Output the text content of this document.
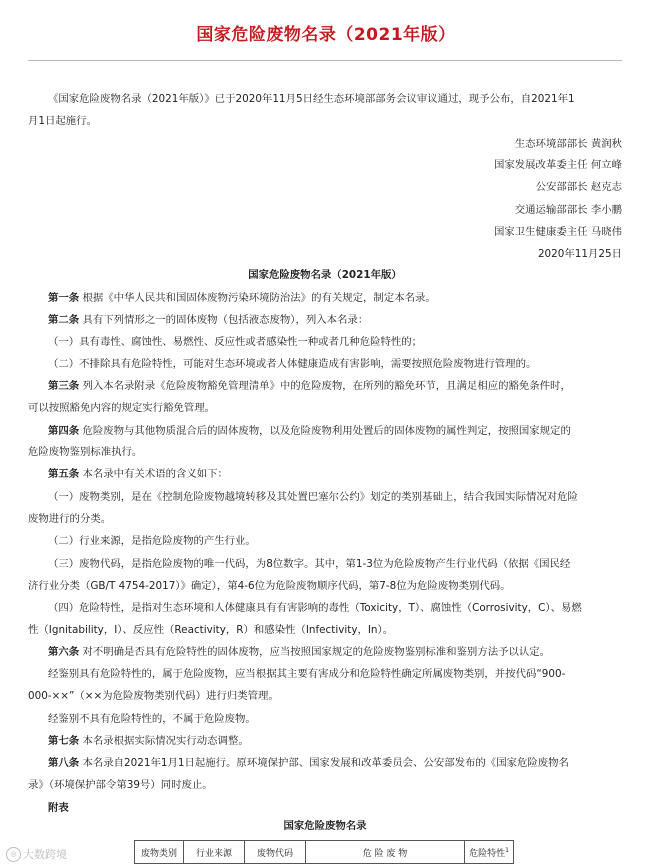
国家危险废物名录（2021年版）
《国家危险废物名录（2021年版）》已于2020年11月5日经生态环境部部务会议审议通过，现予公布，自2021年1
月1日起施行。
生态环境部部长 黄润秋
国家发展改革委主任 何立峰
公安部部长 赵克志
交通运输部部长 李小鹏
国家卫生健康委主任 马晓伟
2020年11月25日
国家危险废物名录（2021年版）
第一条 根据《中华人民共和国固体废物污染环境防治法》的有关规定，制定本名录。
第二条 具有下列情形之一的固体废物（包括液态废物），列入本名录：
（一）具有毒性、腐蚀性、易燃性、反应性或者感染性一种或者几种危险特性的；
（二）不排除具有危险特性，可能对生态环境或者人体健康造成有害影响，需要按照危险废物进行管理的。
第三条 列入本名录附录《危险废物豁免管理清单》中的危险废物，在所列的豁免环节，且满足相应的豁免条件时，
可以按照豁免内容的规定实行豁免管理。
第四条 危险废物与其他物质混合后的固体废物，以及危险废物利用处置后的固体废物的属性判定，按照国家规定的
危险废物鉴别标准执行。
第五条 本名录中有关术语的含义如下：
（一）废物类别，是在《控制危险废物越境转移及其处置巴塞尔公约》划定的类别基础上，结合我国实际情况对危险
废物进行的分类。
（二）行业来源，是指危险废物的产生行业。
（三）废物代码，是指危险废物的唯一代码，为8位数字。其中，第1-3位为危险废物产生行业代码（依据《国民经
济行业分类（GB/T 4754-2017）》确定），第4-6位为危险废物顺序代码，第7-8位为危险废物类别代码。
（四）危险特性，是指对生态环境和人体健康具有有害影响的毒性（Toxicity，T）、腐蚀性（Corrosivity，C）、易燃
性（Ignitability，I）、反应性（Reactivity，R）和感染性（Infectivity，In）。
第六条 对不明确是否具有危险特性的固体废物，应当按照国家规定的危险废物鉴别标准和鉴别方法予以认定。
经鉴别具有危险特性的，属于危险废物，应当根据其主要有害成分和危险特性确定所属废物类别，并按代码“900-
000-××”（××为危险废物类别代码）进行归类管理。
经鉴别不具有危险特性的，不属于危险废物。
第七条 本名录根据实际情况实行动态调整。
第八条 本名录自2021年1月1日起施行。原环境保护部、国家发展和改革委员会、公安部发布的《国家危险废物名
录》（环境保护部令第39号）同时废止。
附表
国家危险废物名录
废物类别	行业来源	废物代码	危 险 废 物	危险特性$^1$
◎ 大数跨境
